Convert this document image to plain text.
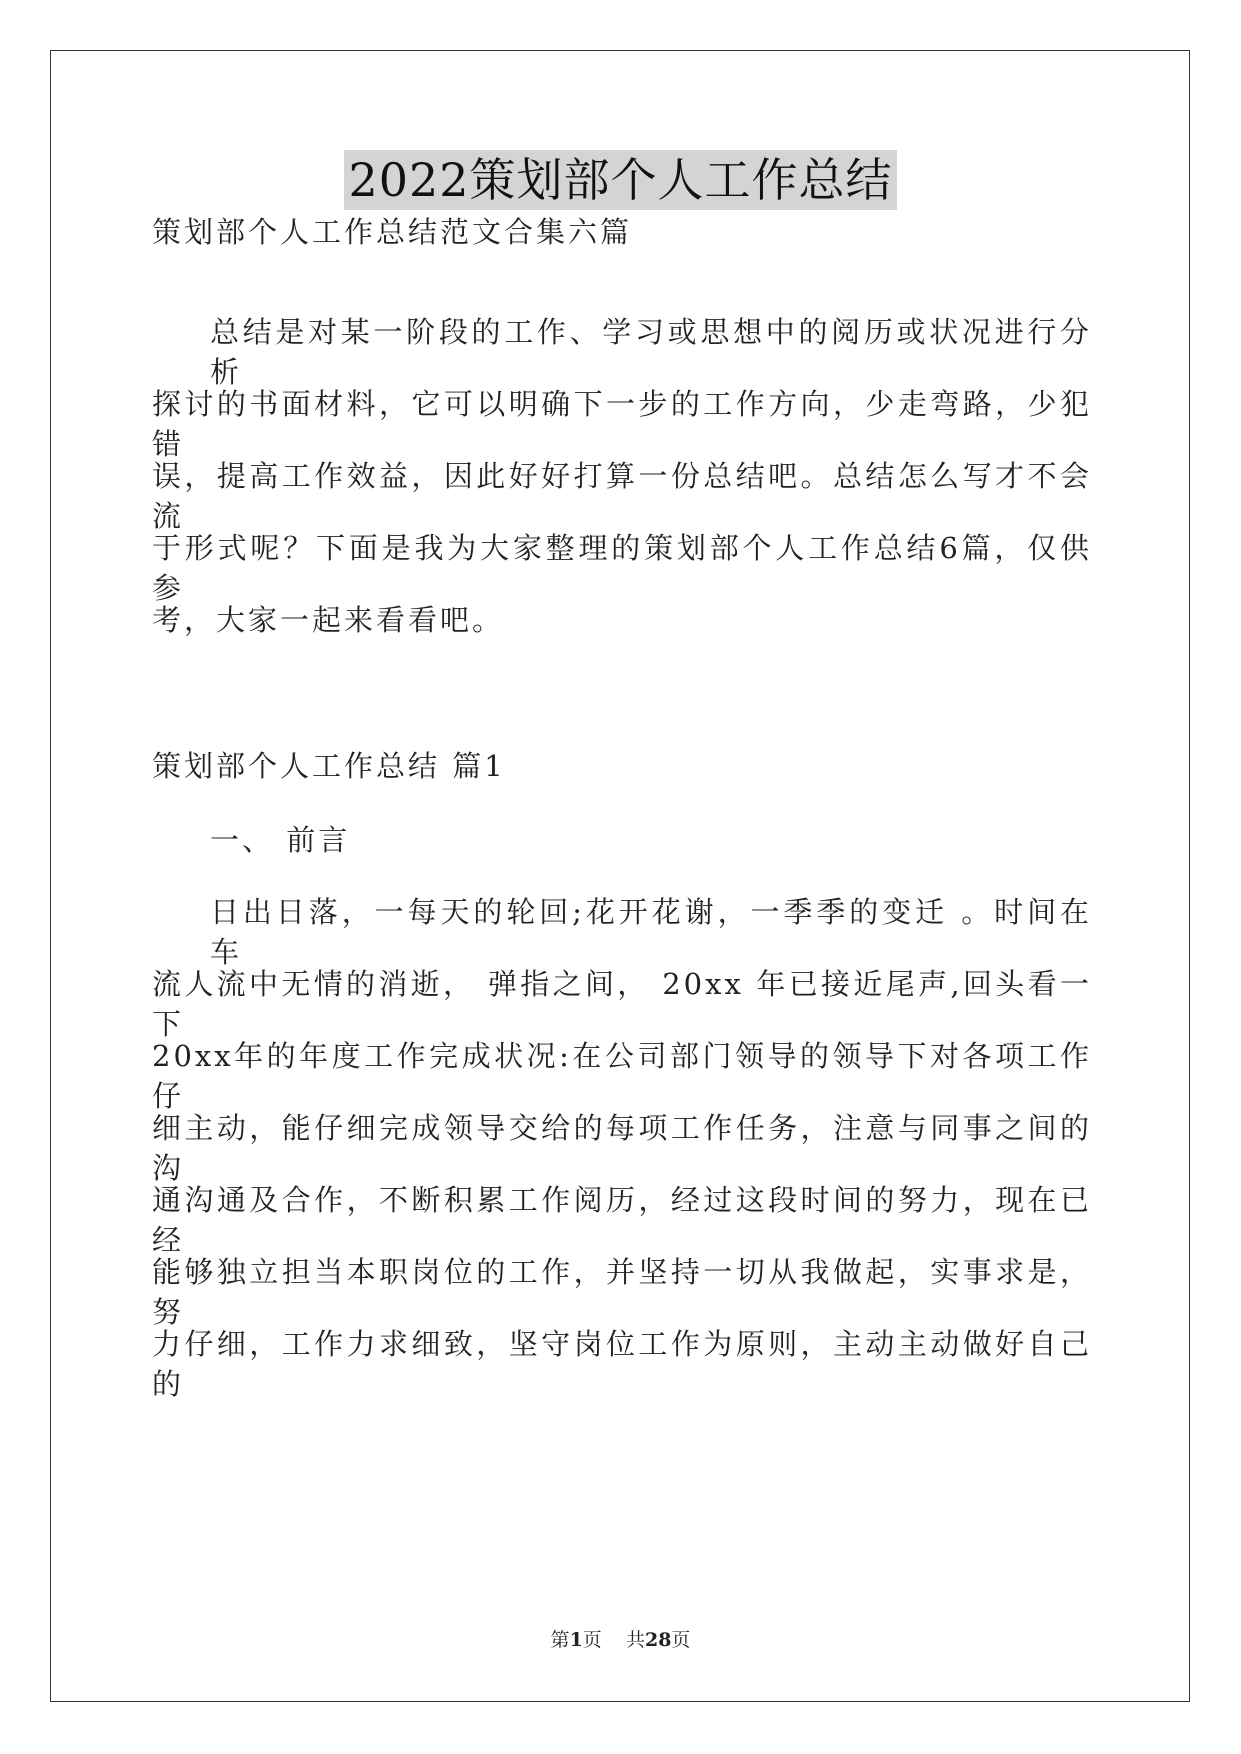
2022策划部个人工作总结
策划部个人工作总结范文合集六篇
总结是对某一阶段的工作、学习或思想中的阅历或状况进行分析
探讨的书面材料，它可以明确下一步的工作方向，少走弯路，少犯错
误，提高工作效益，因此好好打算一份总结吧。总结怎么写才不会流
于形式呢？下面是我为大家整理的策划部个人工作总结6篇，仅供参
考，大家一起来看看吧。
策划部个人工作总结 篇1
一、 前言
日出日落，一每天的轮回;花开花谢，一季季的变迁 。时间在车
流人流中无情的消逝， 弹指之间， 20xx 年已接近尾声,回头看一下
20xx年的年度工作完成状况:在公司部门领导的领导下对各项工作仔
细主动，能仔细完成领导交给的每项工作任务，注意与同事之间的沟
通沟通及合作，不断积累工作阅历，经过这段时间的努力，现在已经
能够独立担当本职岗位的工作，并坚持一切从我做起，实事求是，努
力仔细，工作力求细致，坚守岗位工作为原则，主动主动做好自己的
第1页    共28页
